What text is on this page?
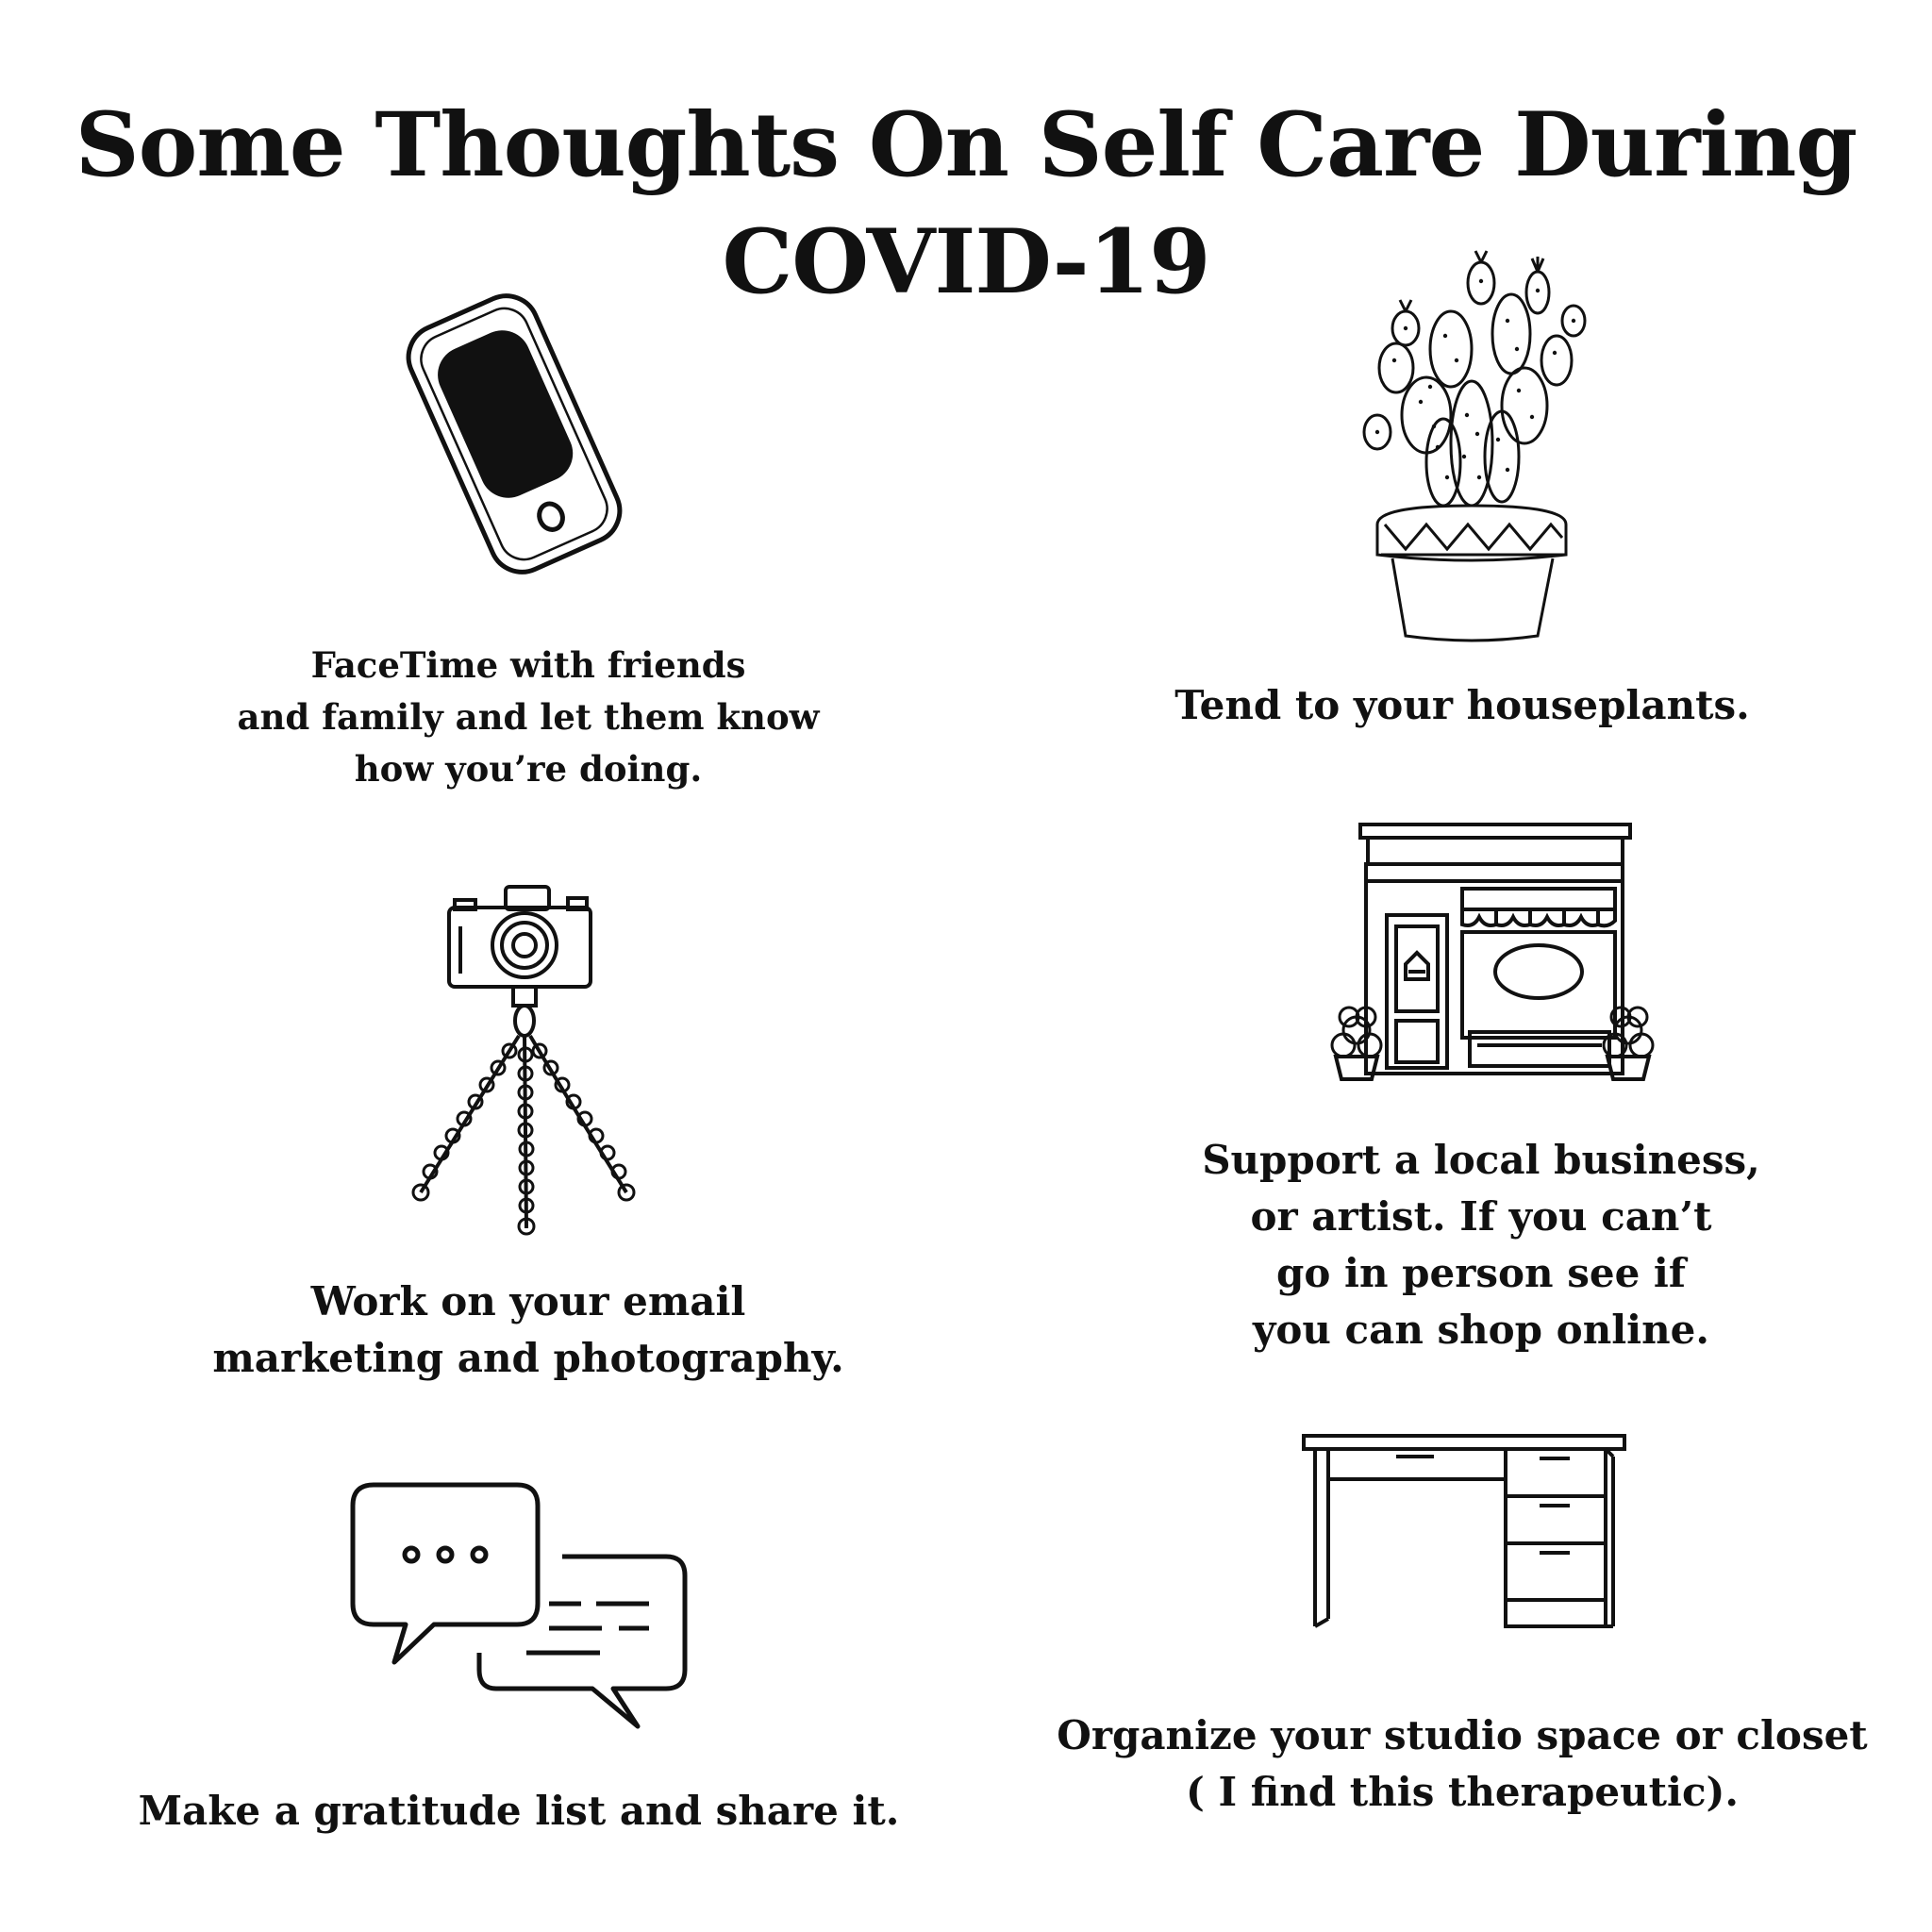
Some Thoughts On Self Care During
COVID-19
FaceTime with friends
and family and let them know
how you’re doing.
Tend to your houseplants.
Support a local business,
or artist. If you can’t
go in person see if
you can shop online.
Work on your email
marketing and photography.
Organize your studio space or closet
( I find this therapeutic).
Make a gratitude list and share it.
